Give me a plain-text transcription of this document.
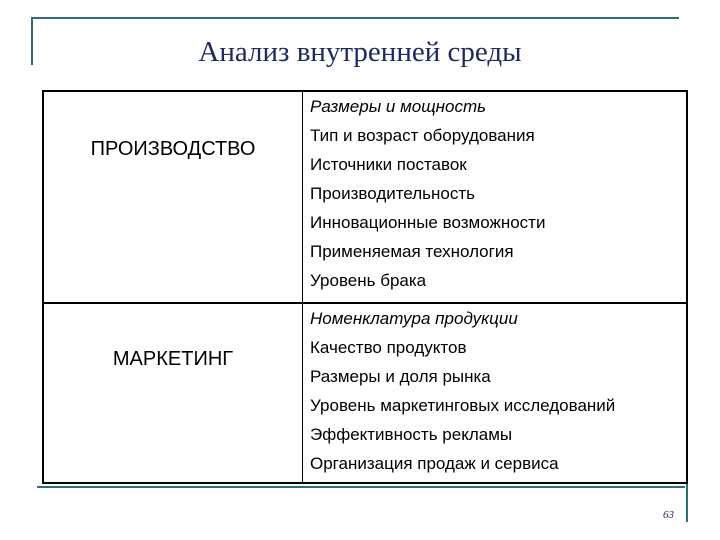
Анализ внутренней среды
ПРОИЗВОДСТВО
Размеры и мощность
Тип и возраст оборудования
Источники поставок
Производительность
Инновационные возможности
Применяемая технология
Уровень брака
МАРКЕТИНГ
Номенклатура продукции
Качество продуктов
Размеры и доля рынка
Уровень маркетинговых исследований
Эффективность рекламы
Организация продаж и сервиса
63
